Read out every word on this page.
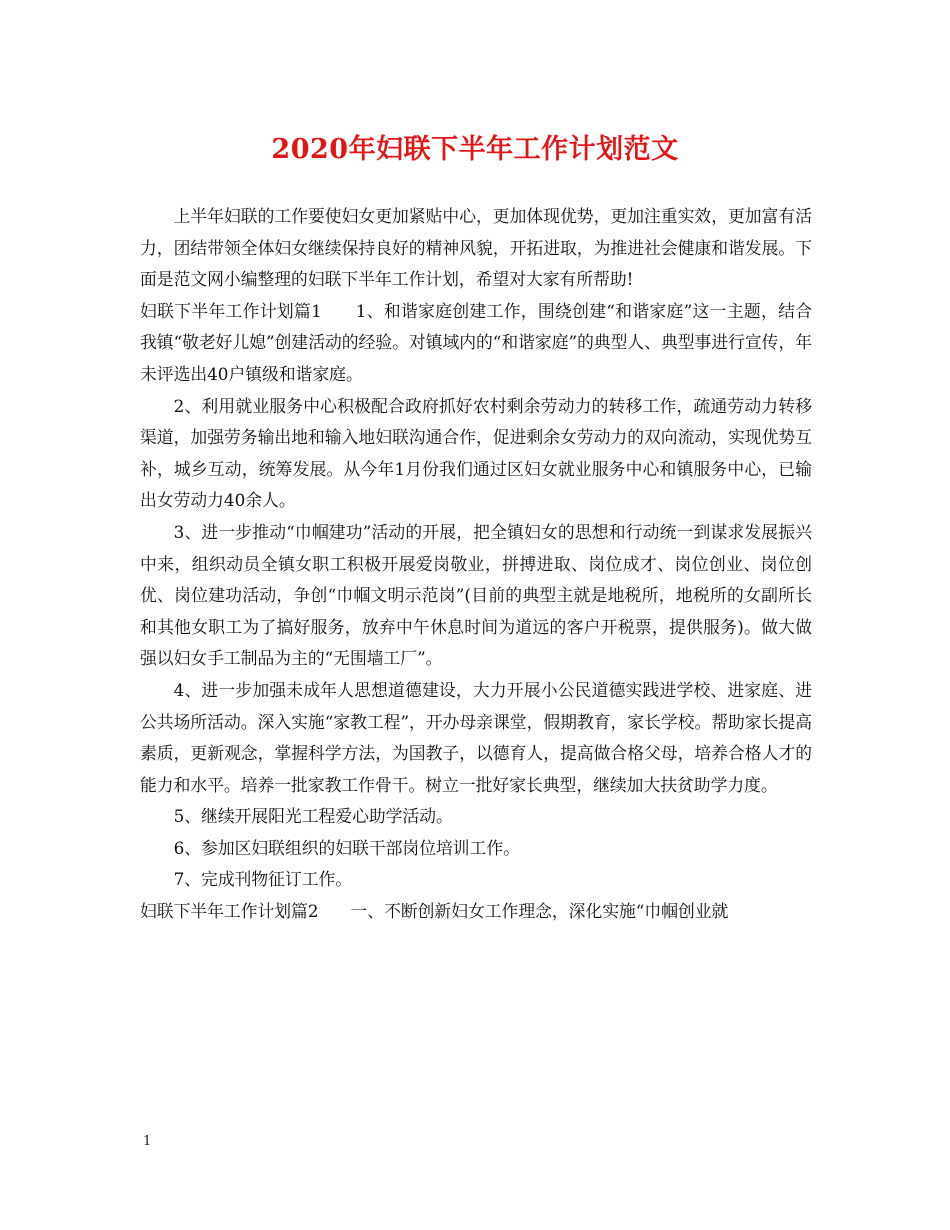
2020年妇联下半年工作计划范文

上半年妇联的工作要使妇女更加紧贴中心，更加体现优势，更加注重实效，更加富有活力，团结带领全体妇女继续保持良好的精神风貌，开拓进取，为推进社会健康和谐发展。下面是范文网小编整理的妇联下半年工作计划，希望对大家有所帮助!

妇联下半年工作计划篇1 1、和谐家庭创建工作，围绕创建“和谐家庭”这一主题，结合我镇“敬老好儿媳”创建活动的经验。对镇域内的“和谐家庭”的典型人、典型事进行宣传，年未评选出40户镇级和谐家庭。

2、利用就业服务中心积极配合政府抓好农村剩余劳动力的转移工作，疏通劳动力转移渠道，加强劳务输出地和输入地妇联沟通合作，促进剩余女劳动力的双向流动，实现优势互补，城乡互动，统筹发展。从今年1月份我们通过区妇女就业服务中心和镇服务中心，已输出女劳动力40余人。

3、进一步推动“巾帼建功”活动的开展，把全镇妇女的思想和行动统一到谋求发展振兴中来，组织动员全镇女职工积极开展爱岗敬业，拼搏进取、岗位成才、岗位创业、岗位创优、岗位建功活动，争创“巾帼文明示范岗”(目前的典型主就是地税所，地税所的女副所长和其他女职工为了搞好服务，放弃中午休息时间为道远的客户开税票，提供服务)。做大做强以妇女手工制品为主的“无围墙工厂”。

4、进一步加强未成年人思想道德建设，大力开展小公民道德实践进学校、进家庭、进公共场所活动。深入实施“家教工程”，开办母亲课堂，假期教育，家长学校。帮助家长提高素质，更新观念，掌握科学方法，为国教子，以德育人，提高做合格父母，培养合格人才的能力和水平。培养一批家教工作骨干。树立一批好家长典型，继续加大扶贫助学力度。

5、继续开展阳光工程爱心助学活动。

6、参加区妇联组织的妇联干部岗位培训工作。

7、完成刊物征订工作。

妇联下半年工作计划篇2 一、不断创新妇女工作理念，深化实施“巾帼创业就

1
